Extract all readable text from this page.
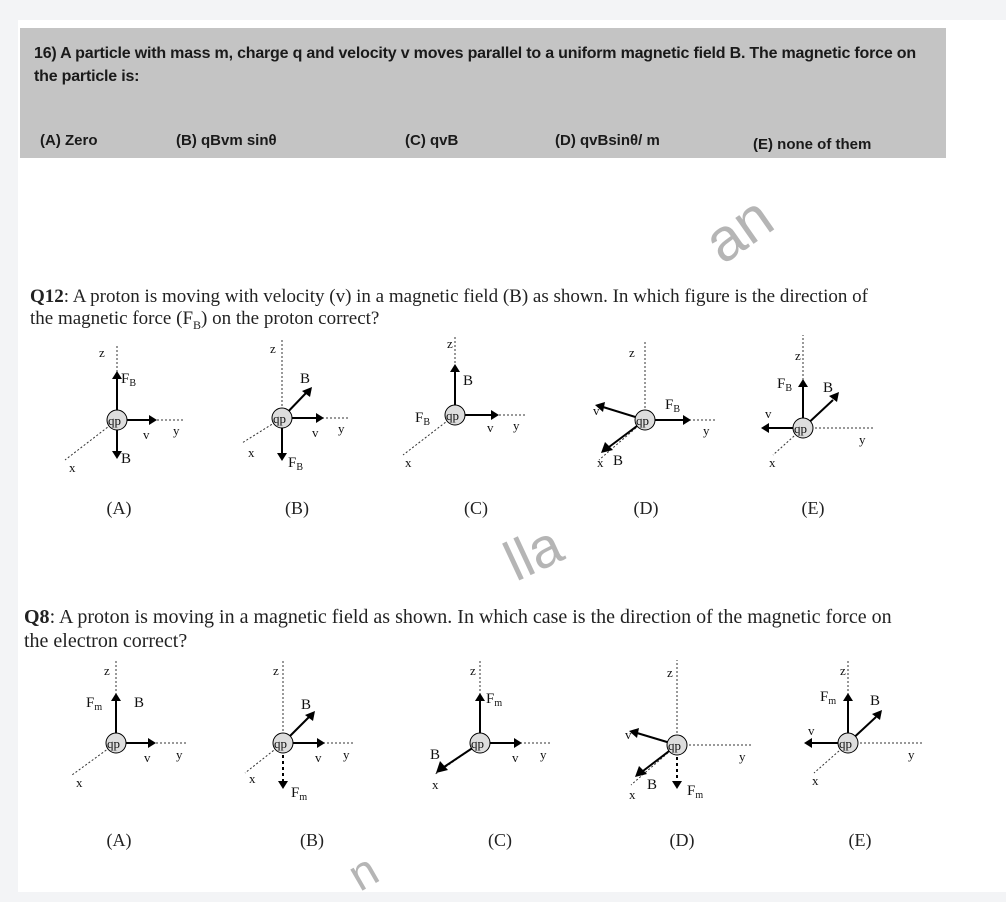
16) A particle with mass m, charge q and velocity v moves parallel to a uniform magnetic field B. The magnetic force on the particle is:
(A) Zero	(B) qBvm sinθ	(C) qvB	(D) qvBsinθ/ m	(E) none of them
an
lla
n
Q12: A proton is moving with velocity (v) in a magnetic field (B) as shown. In which figure is the direction of the magnetic force $(F_B)$ on the proton correct?
Q8: A proton is moving in a magnetic field as shown. In which case is the direction of the magnetic force on the electron correct?
qp
z
x
y
v
$F_B$
B
(A)
qp
z
x
y
v
B
$F_B$
(B)
qp
z
x
y
v
B
$F_B$
(C)
qp
z
x
y
v
B
$F_B$
(D)
qp
z
x
y
v
B
$F_B$
(E)
qp
z
x
y
v
B
$F_m$
(A)
qp
z
x
y
v
B
$F_m$
(B)
qp
z
x
y
v
B
$F_m$
(C)
qp
z
x
y
v
B $F_m$
(D)
qp
z
x
y
v
B
$F_m$
(E)
